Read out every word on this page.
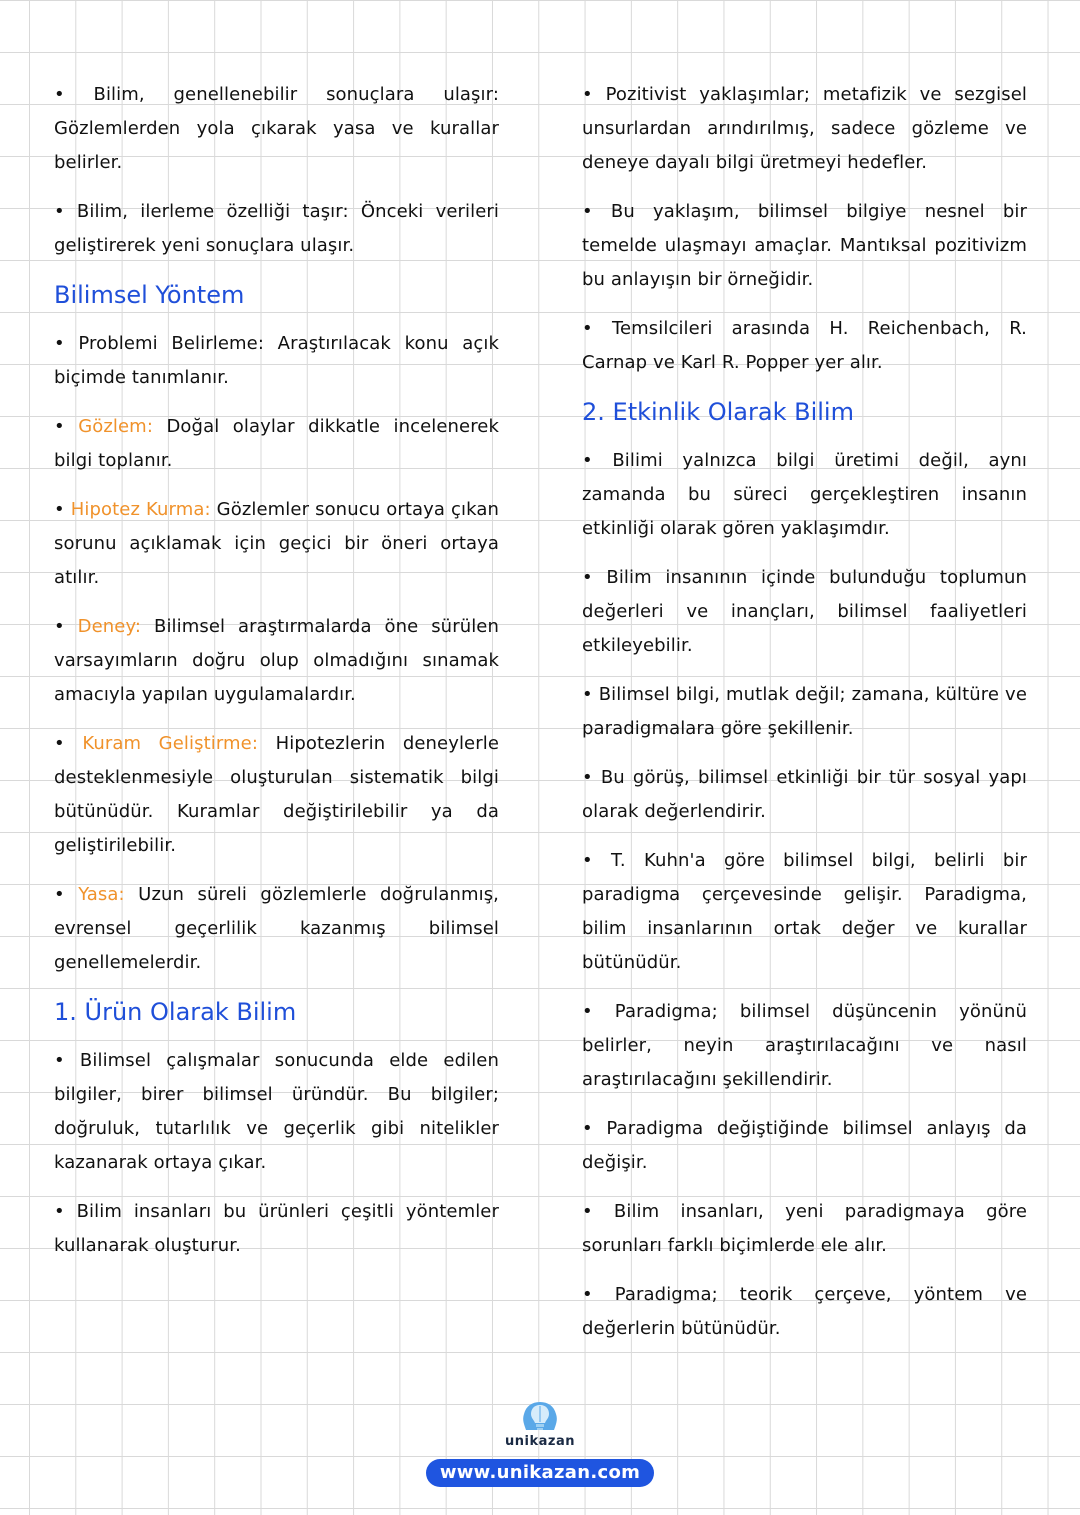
• Bilim, genellenebilir sonuçlara ulaşır: Gözlemlerden yola çıkarak yasa ve kurallar belirler.

• Bilim, ilerleme özelliği taşır: Önceki verileri geliştirerek yeni sonuçlara ulaşır.

Bilimsel Yöntem

• Problemi Belirleme: Araştırılacak konu açık biçimde tanımlanır.

• Gözlem: Doğal olaylar dikkatle incelenerek bilgi toplanır.

• Hipotez Kurma: Gözlemler sonucu ortaya çıkan sorunu açıklamak için geçici bir öneri ortaya atılır.

• Deney: Bilimsel araştırmalarda öne sürülen varsayımların doğru olup olmadığını sınamak amacıyla yapılan uygulamalardır.

• Kuram Geliştirme: Hipotezlerin deneylerle desteklenmesiyle oluşturulan sistematik bilgi bütünüdür. Kuramlar değiştirilebilir ya da geliştirilebilir.

• Yasa: Uzun süreli gözlemlerle doğrulanmış, evrensel geçerlilik kazanmış bilimsel genellemelerdir.

1. Ürün Olarak Bilim

• Bilimsel çalışmalar sonucunda elde edilen bilgiler, birer bilimsel üründür. Bu bilgiler; doğruluk, tutarlılık ve geçerlik gibi nitelikler kazanarak ortaya çıkar.

• Bilim insanları bu ürünleri çeşitli yöntemler kullanarak oluşturur.

• Pozitivist yaklaşımlar; metafizik ve sezgisel unsurlardan arındırılmış, sadece gözleme ve deneye dayalı bilgi üretmeyi hedefler.

• Bu yaklaşım, bilimsel bilgiye nesnel bir temelde ulaşmayı amaçlar. Mantıksal pozitivizm bu anlayışın bir örneğidir.

• Temsilcileri arasında H. Reichenbach, R. Carnap ve Karl R. Popper yer alır.

2. Etkinlik Olarak Bilim

• Bilimi yalnızca bilgi üretimi değil, aynı zamanda bu süreci gerçekleştiren insanın etkinliği olarak gören yaklaşımdır.

• Bilim insanının içinde bulunduğu toplumun değerleri ve inançları, bilimsel faaliyetleri etkileyebilir.

• Bilimsel bilgi, mutlak değil; zamana, kültüre ve paradigmalara göre şekillenir.

• Bu görüş, bilimsel etkinliği bir tür sosyal yapı olarak değerlendirir.

• T. Kuhn'a göre bilimsel bilgi, belirli bir paradigma çerçevesinde gelişir. Paradigma, bilim insanlarının ortak değer ve kurallar bütünüdür.

• Paradigma; bilimsel düşüncenin yönünü belirler, neyin araştırılacağını ve nasıl araştırılacağını şekillendirir.

• Paradigma değiştiğinde bilimsel anlayış da değişir.

• Bilim insanları, yeni paradigmaya göre sorunları farklı biçimlerde ele alır.

• Paradigma; teorik çerçeve, yöntem ve değerlerin bütünüdür.

unikazan
www.unikazan.com
